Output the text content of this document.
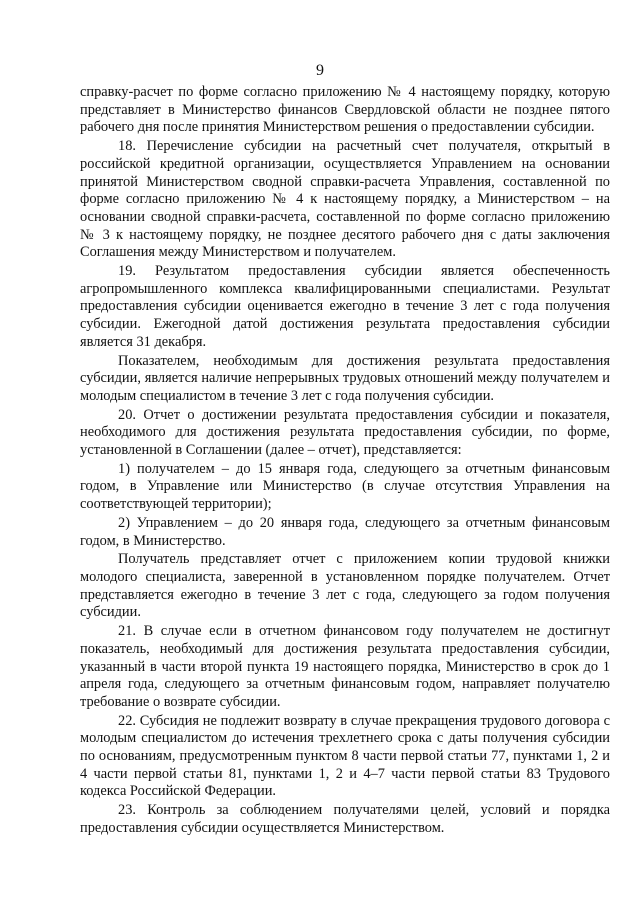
9

справку-расчет по форме согласно приложению № 4 настоящему порядку, которую представляет в Министерство финансов Свердловской области не позднее пятого рабочего дня после принятия Министерством решения о предоставлении субсидии.

18. Перечисление субсидии на расчетный счет получателя, открытый в российской кредитной организации, осуществляется Управлением на основании принятой Министерством сводной справки-расчета Управления, составленной по форме согласно приложению № 4 к настоящему порядку, а Министерством – на основании сводной справки-расчета, составленной по форме согласно приложению № 3 к настоящему порядку, не позднее десятого рабочего дня с даты заключения Соглашения между Министерством и получателем.

19. Результатом предоставления субсидии является обеспеченность агропромышленного комплекса квалифицированными специалистами. Результат предоставления субсидии оценивается ежегодно в течение 3 лет с года получения субсидии. Ежегодной датой достижения результата предоставления субсидии является 31 декабря.

Показателем, необходимым для достижения результата предоставления субсидии, является наличие непрерывных трудовых отношений между получателем и молодым специалистом в течение 3 лет с года получения субсидии.

20. Отчет о достижении результата предоставления субсидии и показателя, необходимого для достижения результата предоставления субсидии, по форме, установленной в Соглашении (далее – отчет), представляется:

1) получателем – до 15 января года, следующего за отчетным финансовым годом, в Управление или Министерство (в случае отсутствия Управления на соответствующей территории);

2) Управлением – до 20 января года, следующего за отчетным финансовым годом, в Министерство.

Получатель представляет отчет с приложением копии трудовой книжки молодого специалиста, заверенной в установленном порядке получателем. Отчет представляется ежегодно в течение 3 лет с года, следующего за годом получения субсидии.

21. В случае если в отчетном финансовом году получателем не достигнут показатель, необходимый для достижения результата предоставления субсидии, указанный в части второй пункта 19 настоящего порядка, Министерство в срок до 1 апреля года, следующего за отчетным финансовым годом, направляет получателю требование о возврате субсидии.

22. Субсидия не подлежит возврату в случае прекращения трудового договора с молодым специалистом до истечения трехлетнего срока с даты получения субсидии по основаниям, предусмотренным пунктом 8 части первой статьи 77, пунктами 1, 2 и 4 части первой статьи 81, пунктами 1, 2 и 4–7 части первой статьи 83 Трудового кодекса Российской Федерации.

23. Контроль за соблюдением получателями целей, условий и порядка предоставления субсидии осуществляется Министерством.
